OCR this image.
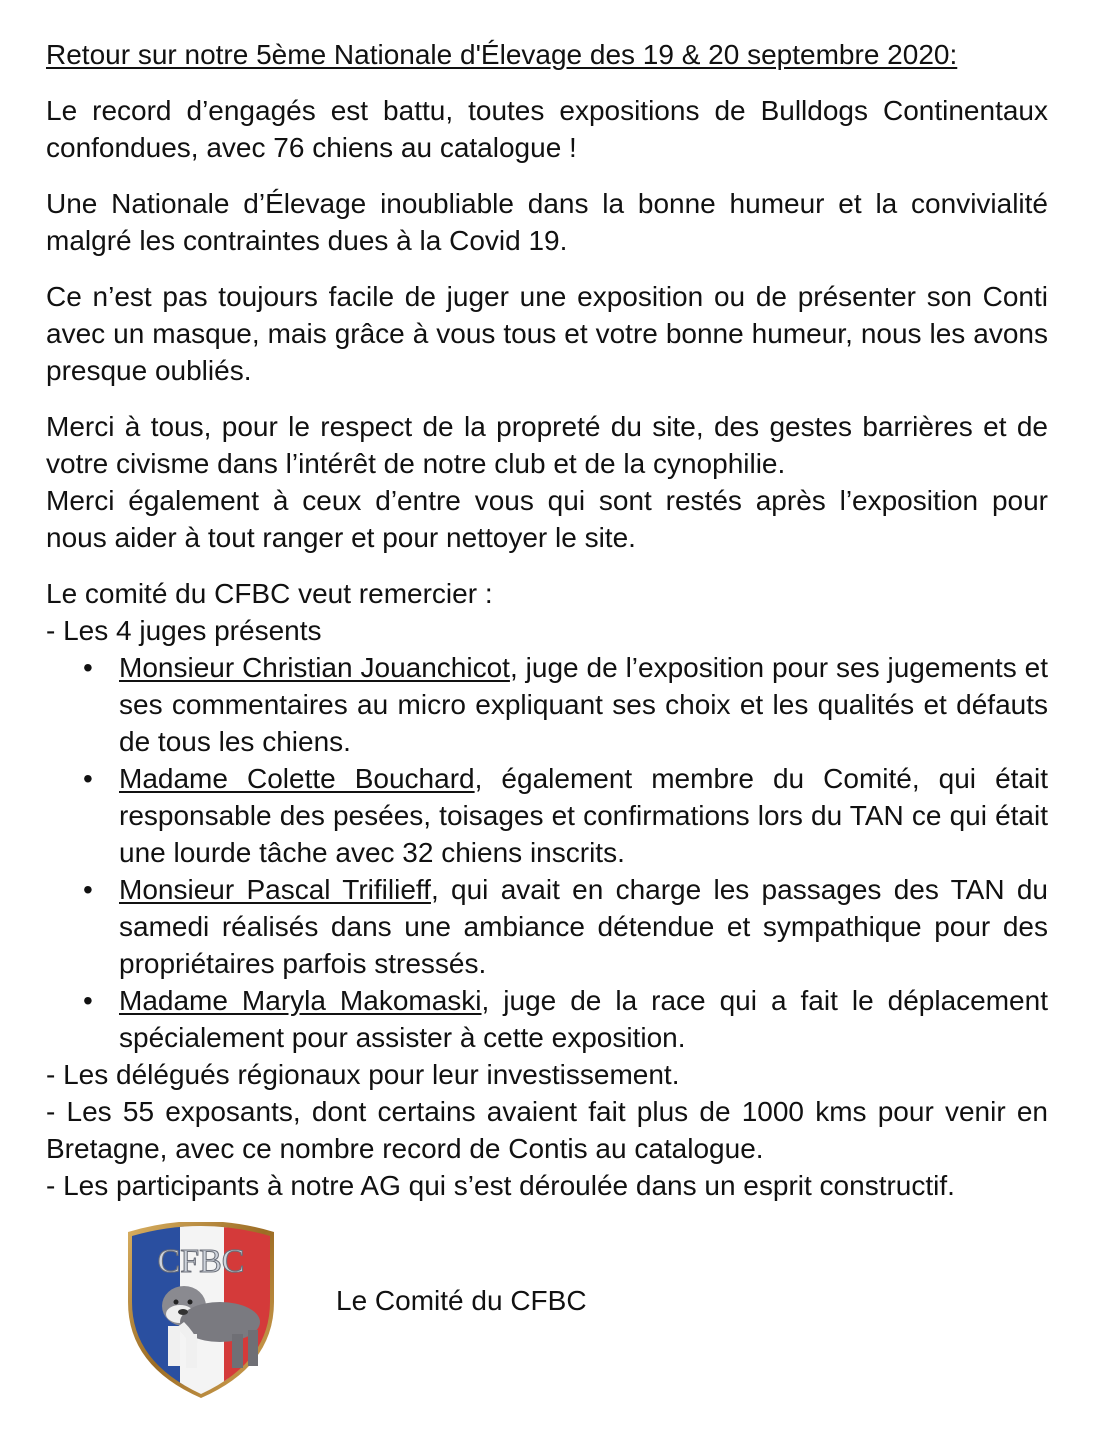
Retour sur notre 5ème Nationale d'Élevage des 19 & 20 septembre 2020:

Le record d’engagés est battu, toutes expositions de Bulldogs Continentaux confondues, avec 76 chiens au catalogue !

Une Nationale d’Élevage inoubliable dans la bonne humeur et la convivialité malgré les contraintes dues à la Covid 19.

Ce n’est pas toujours facile de juger une exposition ou de présenter son Conti avec un masque, mais grâce à vous tous et votre bonne humeur, nous les avons presque oubliés.

Merci à tous, pour le respect de la propreté du site, des gestes barrières et de votre civisme dans l’intérêt de notre club et de la cynophilie.

Merci également à ceux d’entre vous qui sont restés après l’exposition pour nous aider à tout ranger et pour nettoyer le site.

Le comité du CFBC veut remercier :

- Les 4 juges présents

• Monsieur Christian Jouanchicot, juge de l’exposition pour ses jugements et ses commentaires au micro expliquant ses choix et les qualités et défauts de tous les chiens.
• Madame Colette Bouchard, également membre du Comité, qui était responsable des pesées, toisages et confirmations lors du TAN ce qui était une lourde tâche avec 32 chiens inscrits.
• Monsieur Pascal Trifilieff, qui avait en charge les passages des TAN du samedi réalisés dans une ambiance détendue et sympathique pour des propriétaires parfois stressés.
• Madame Maryla Makomaski, juge de la race qui a fait le déplacement spécialement pour assister à cette exposition.

- Les délégués régionaux pour leur investissement.

- Les 55 exposants, dont certains avaient fait plus de 1000 kms pour venir en Bretagne, avec ce nombre record de Contis au catalogue.

- Les participants à notre AG qui s’est déroulée dans un esprit constructif.

CFBC
Le Comité du CFBC
